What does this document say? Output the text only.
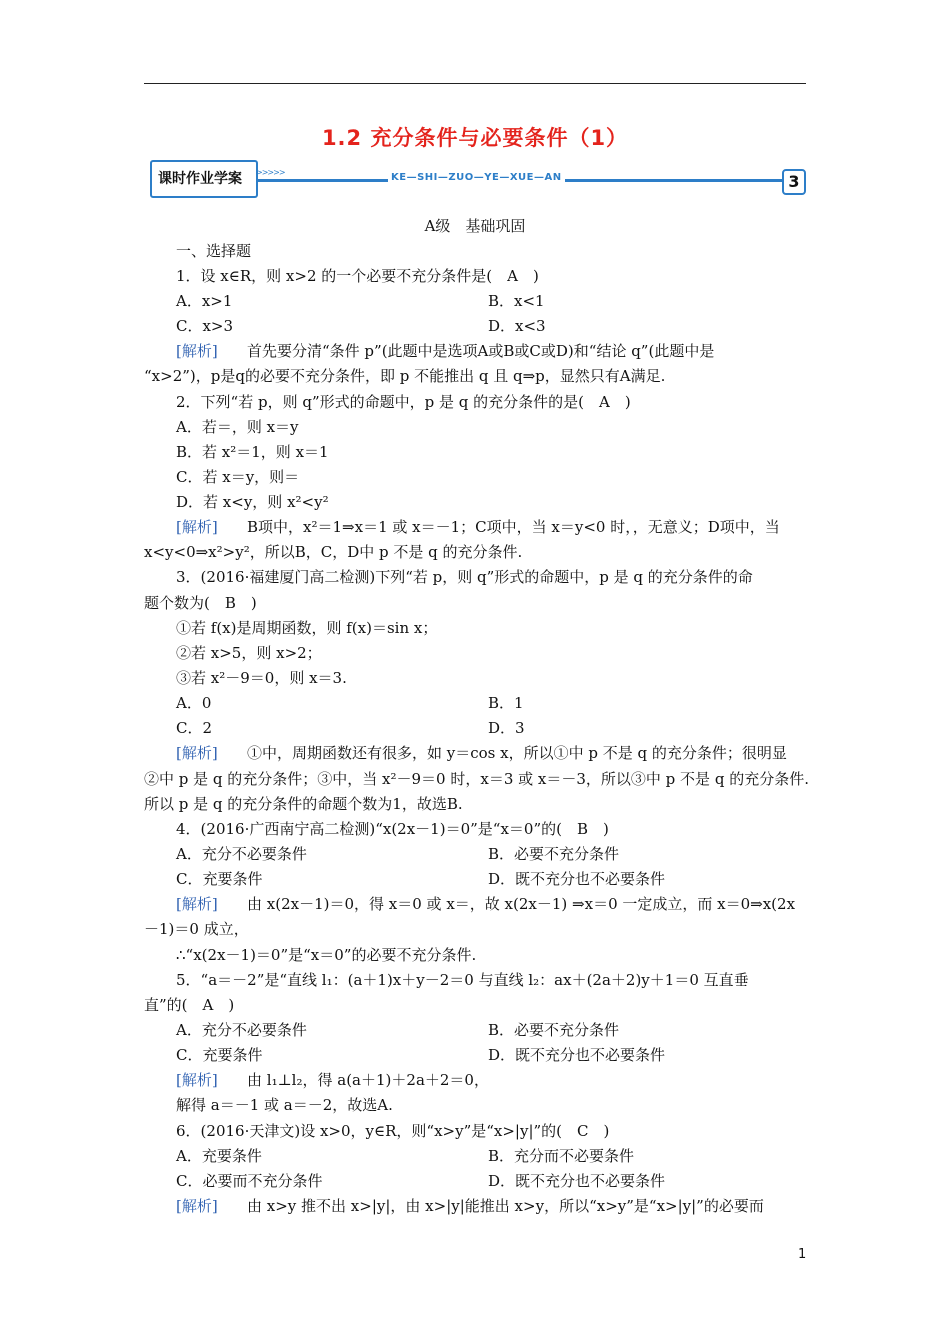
1.2 充分条件与必要条件（1）
课时作业学案 >>>>>	KE—SHI—ZUO—YE—XUE—AN	3
A级　基础巩固
一、选择题
1．设 x∈R，则 x>2 的一个必要不充分条件是(　A　)
A．x>1	B．x<1
C．x>3	D．x<3
[解析] 　首先要分清“条件 p”(此题中是选项A或B或C或D)和“结论 q”(此题中是
“x>2”)，p是q的必要不充分条件，即 p 不能推出 q 且 q⇒p，显然只有A满足.
2．下列“若 p，则 q”形式的命题中，p 是 q 的充分条件的是(　A　)
A．若＝，则 x＝y
B．若 x²＝1，则 x＝1
C．若 x＝y，则＝
D．若 x<y，则 x²<y²
[解析] 　B项中，x²＝1⇒x＝1 或 x＝－1；C项中，当 x＝y<0 时，，无意义；D项中，当
x<y<0⇒x²>y²，所以B，C，D中 p 不是 q 的充分条件.
3．(2016·福建厦门高二检测)下列“若 p，则 q”形式的命题中，p 是 q 的充分条件的命
题个数为(　B　)
①若 f(x)是周期函数，则 f(x)＝sin x；
②若 x>5，则 x>2；
③若 x²－9＝0，则 x＝3.
A．0	B．1
C．2	D．3
[解析] 　①中，周期函数还有很多，如 y＝cos x，所以①中 p 不是 q 的充分条件；很明显
②中 p 是 q 的充分条件；③中，当 x²－9＝0 时，x＝3 或 x＝－3，所以③中 p 不是 q 的充分条件.
所以 p 是 q 的充分条件的命题个数为1，故选B.
4．(2016·广西南宁高二检测)“x(2x－1)＝0”是“x＝0”的(　B　)
A．充分不必要条件	B．必要不充分条件
C．充要条件	D．既不充分也不必要条件
[解析] 　由 x(2x－1)＝0，得 x＝0 或 x＝，故 x(2x－1) ⇒x＝0 一定成立，而 x＝0⇒x(2x
－1)＝0 成立，
∴“x(2x－1)＝0”是“x＝0”的必要不充分条件.
5．“a＝－2”是“直线 l₁：(a＋1)x＋y－2＝0 与直线 l₂：ax＋(2a＋2)y＋1＝0 互直垂
直”的(　A　)
A．充分不必要条件	B．必要不充分条件
C．充要条件	D．既不充分也不必要条件
[解析] 　由 l₁⊥l₂，得 a(a＋1)＋2a＋2＝0，
解得 a＝－1 或 a＝－2，故选A.
6．(2016·天津文)设 x>0，y∈R，则“x>y”是“x>|y|”的(　C　)
A．充要条件	B．充分而不必要条件
C．必要而不充分条件	D．既不充分也不必要条件
[解析] 　由 x>y 推不出 x>|y|，由 x>|y|能推出 x>y，所以“x>y”是“x>|y|”的必要而
1
